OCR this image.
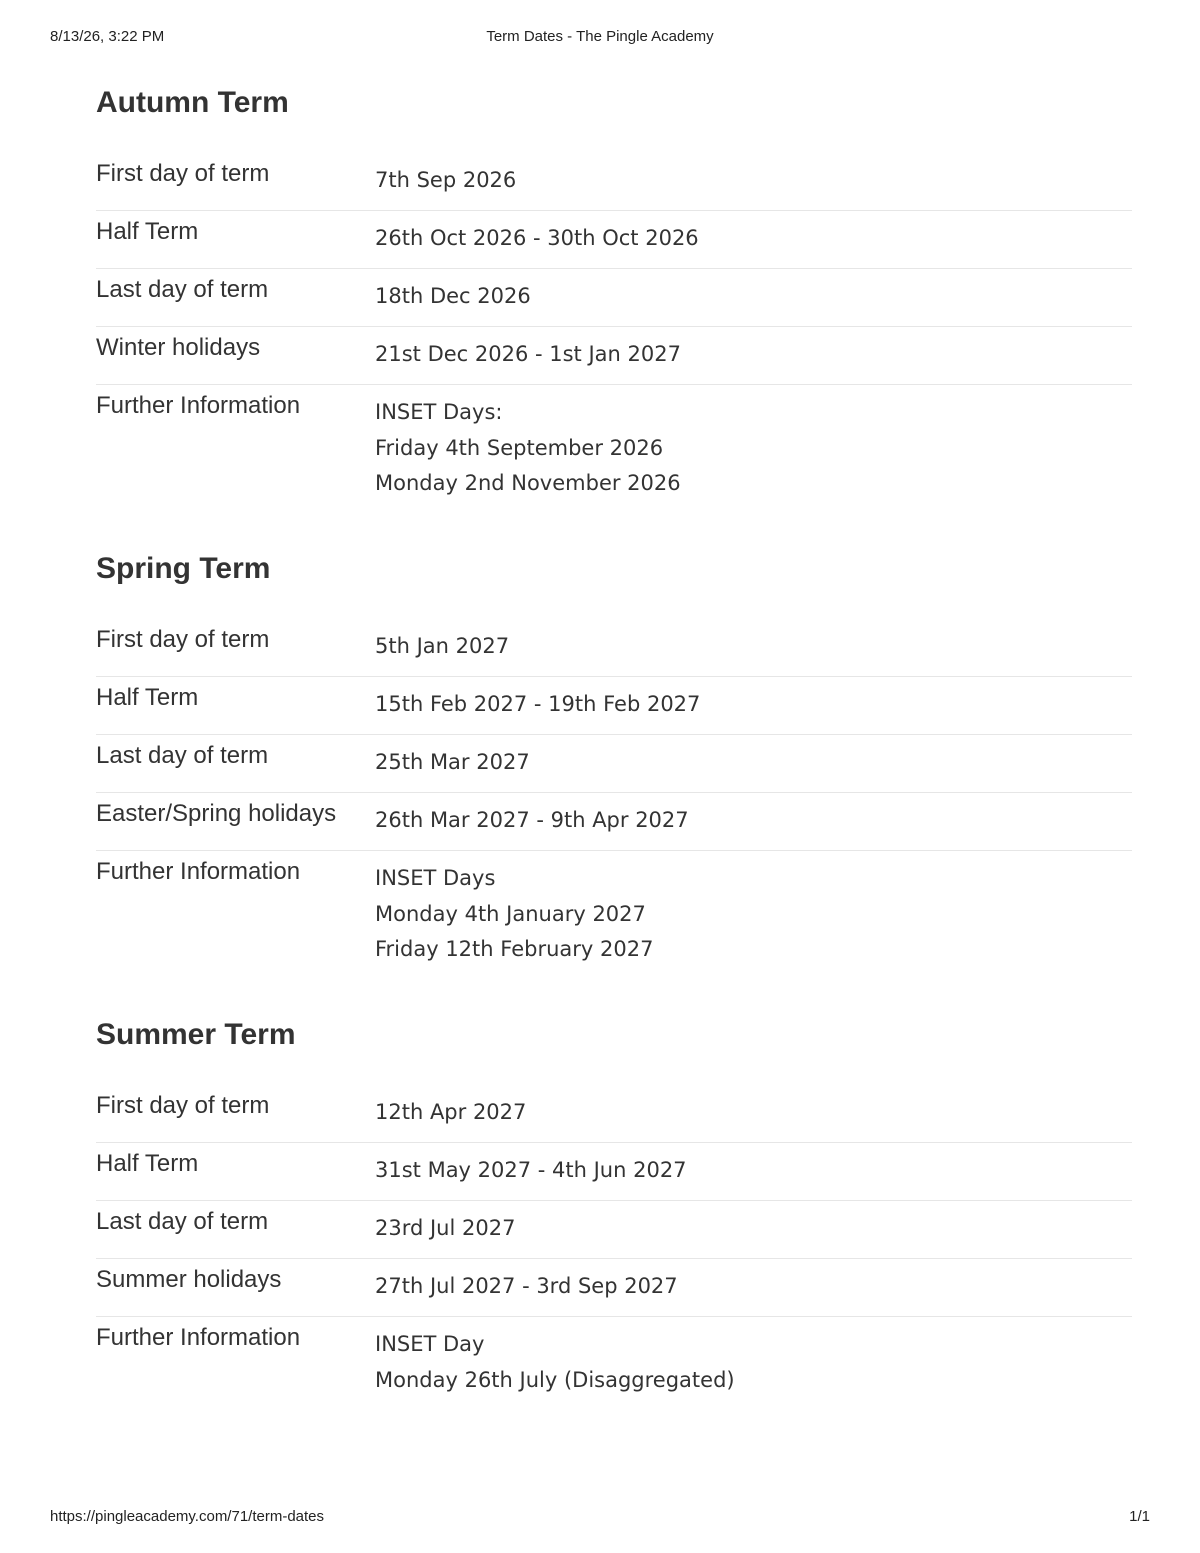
8/13/26, 3:22 PM	Term Dates - The Pingle Academy
Autumn Term
First day of term	7th Sep 2026
Half Term	26th Oct 2026 - 30th Oct 2026
Last day of term	18th Dec 2026
Winter holidays	21st Dec 2026 - 1st Jan 2027
Further Information	INSET Days:
Friday 4th September 2026
Monday 2nd November 2026
Spring Term
First day of term	5th Jan 2027
Half Term	15th Feb 2027 - 19th Feb 2027
Last day of term	25th Mar 2027
Easter/Spring holidays 26th Mar 2027 - 9th Apr 2027
Further Information	INSET Days
Monday 4th January 2027
Friday 12th February 2027
Summer Term
First day of term	12th Apr 2027
Half Term	31st May 2027 - 4th Jun 2027
Last day of term	23rd Jul 2027
Summer holidays	27th Jul 2027 - 3rd Sep 2027
Further Information	INSET Day
Monday 26th July (Disaggregated)
https://pingleacademy.com/71/term-dates	1/1
